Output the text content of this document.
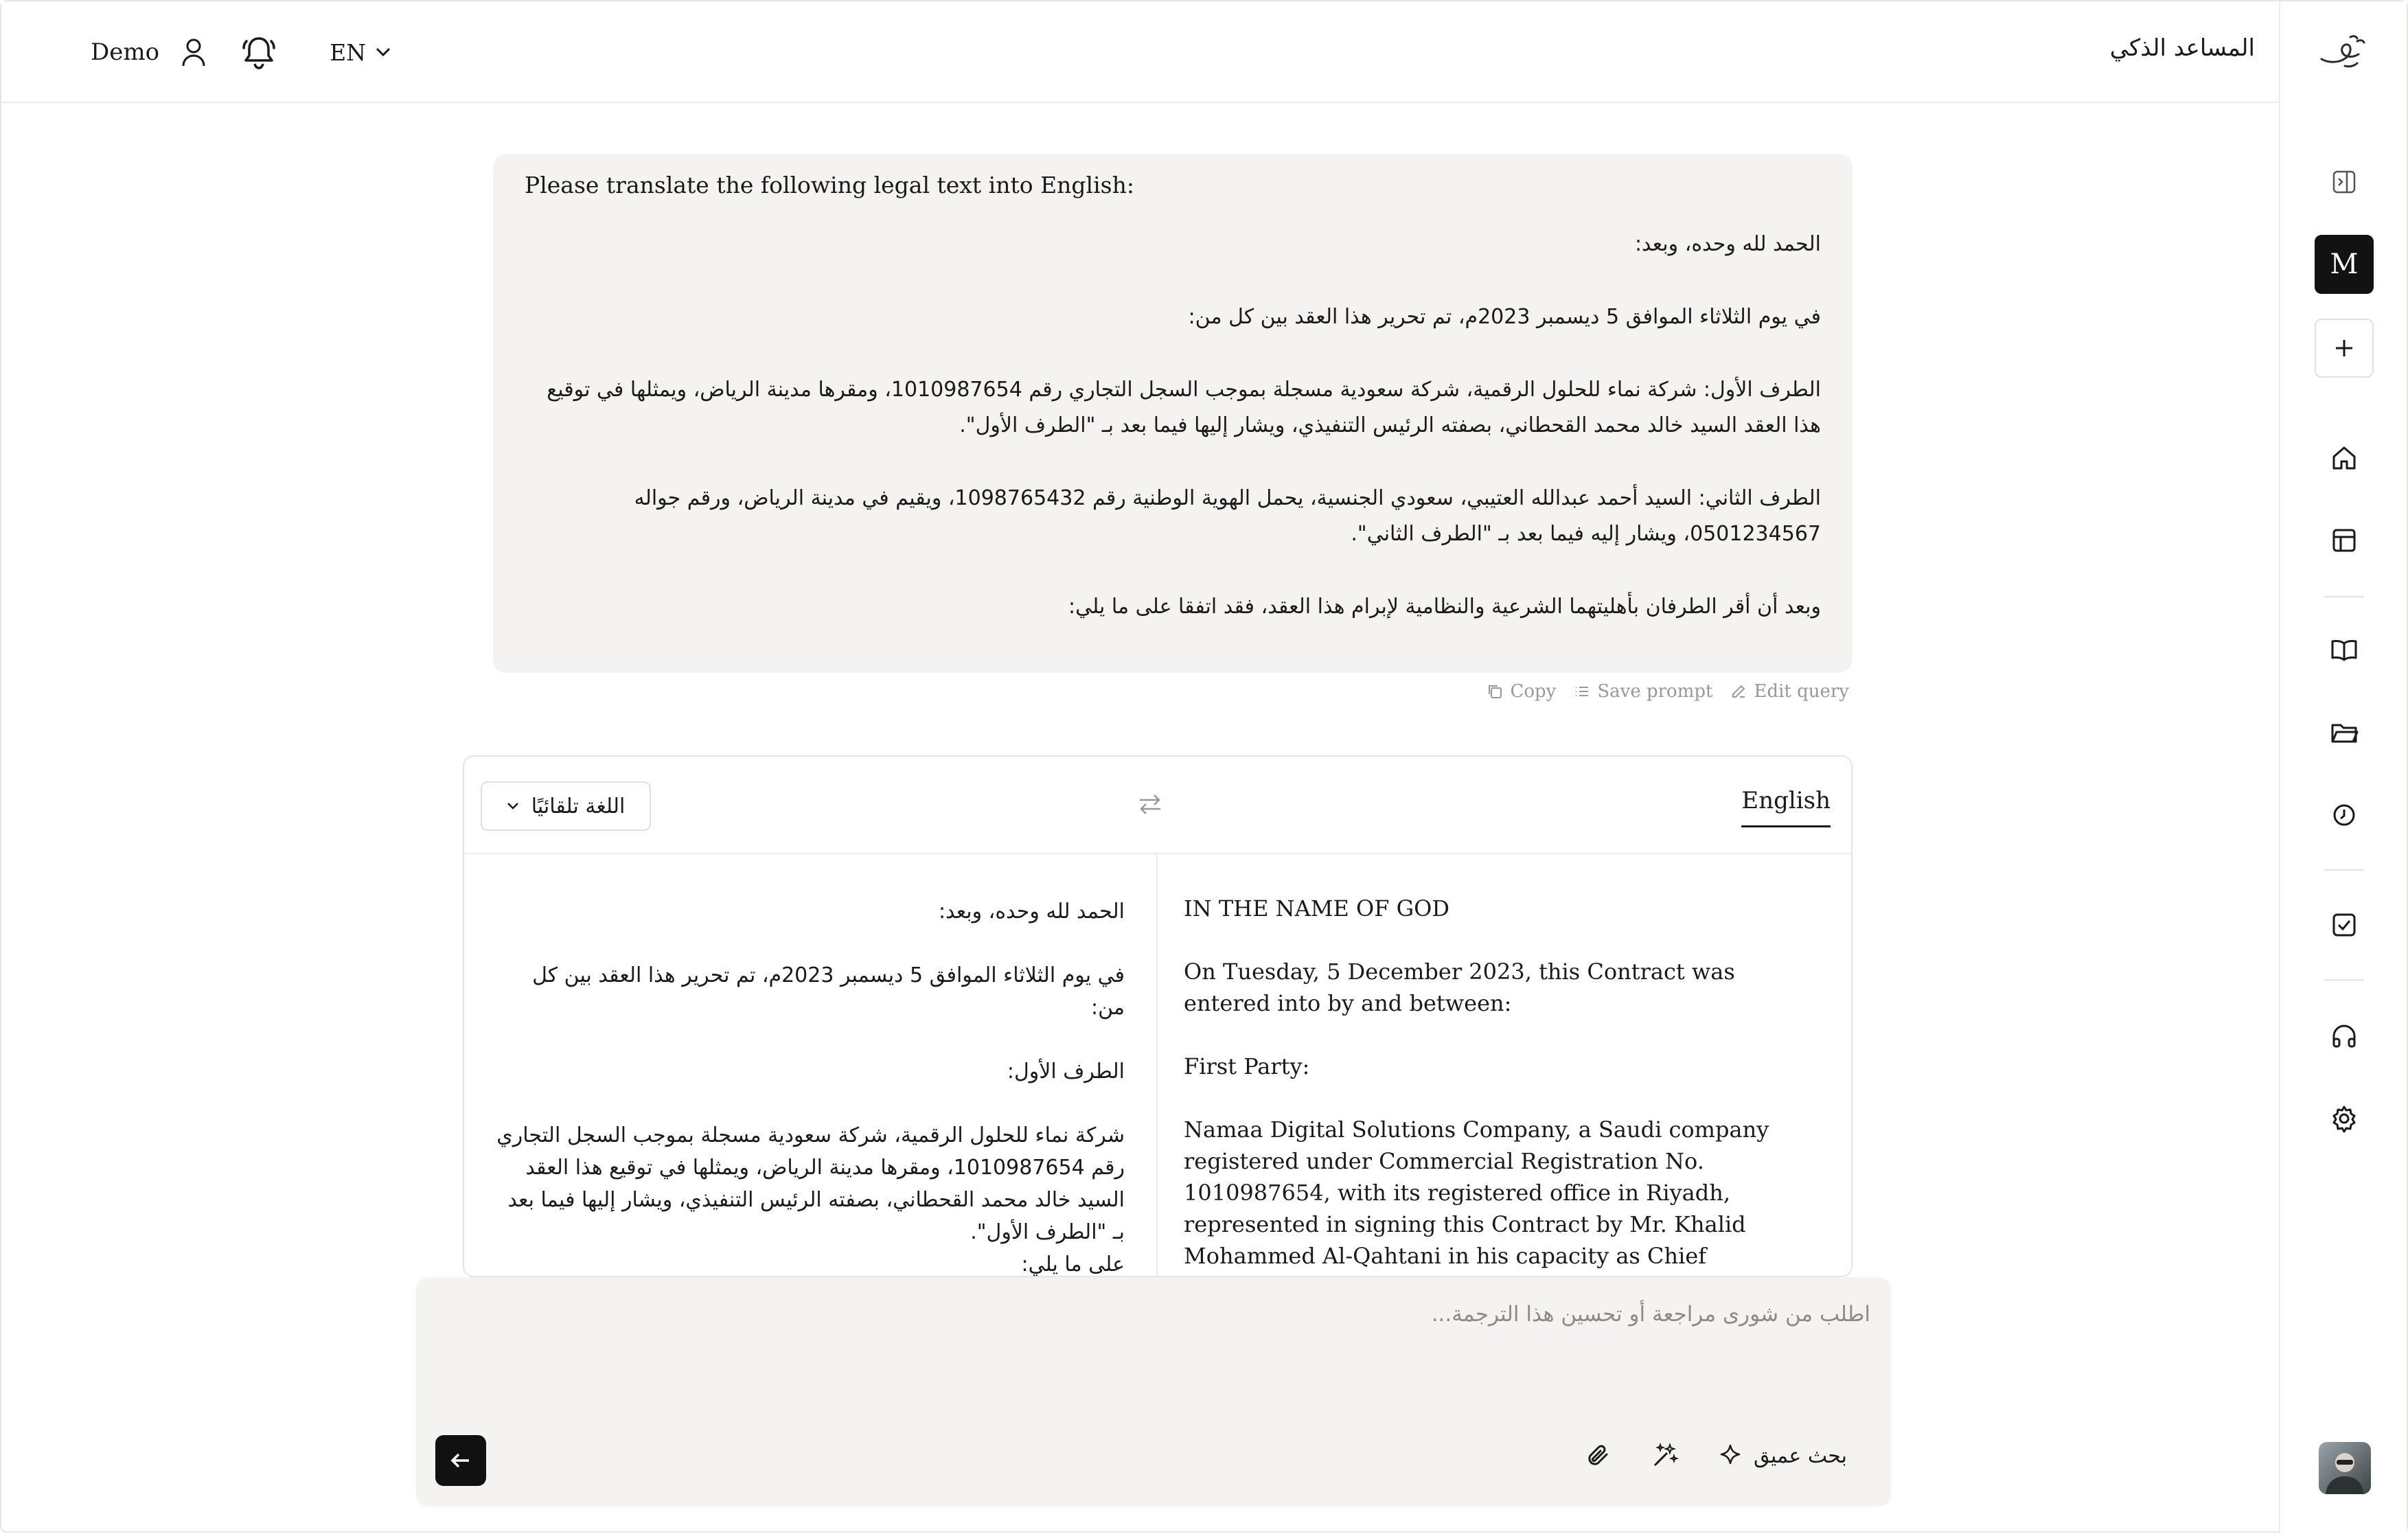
Demo	EN	المساعد الذكي
M
Please translate the following legal text into English:

الحمد لله وحده، وبعد:

في يوم الثلاثاء الموافق 5 ديسمبر 2023م، تم تحرير هذا العقد بين كل من:

الطرف الأول: شركة نماء للحلول الرقمية، شركة سعودية مسجلة بموجب السجل التجاري رقم 1010987654، ومقرها مدينة الرياض، ويمثلها في توقيع هذا العقد السيد خالد محمد القحطاني، بصفته الرئيس التنفيذي، ويشار إليها فيما بعد بـ "الطرف الأول".

الطرف الثاني: السيد أحمد عبدالله العتيبي، سعودي الجنسية، يحمل الهوية الوطنية رقم 1098765432، ويقيم في مدينة الرياض، ورقم جواله 0501234567، ويشار إليه فيما بعد بـ "الطرف الثاني".

وبعد أن أقر الطرفان بأهليتهما الشرعية والنظامية لإبرام هذا العقد، فقد اتفقا على ما يلي:

Copy Save prompt Edit query
اللغة تلقائيًا	English

الحمد لله وحده، وبعد:

في يوم الثلاثاء الموافق 5 ديسمبر 2023م، تم تحرير هذا العقد بين كل من:

الطرف الأول:

شركة نماء للحلول الرقمية، شركة سعودية مسجلة بموجب السجل التجاري رقم 1010987654، ومقرها مدينة الرياض، ويمثلها في توقيع هذا العقد السيد خالد محمد القحطاني، بصفته الرئيس التنفيذي، ويشار إليها فيما بعد بـ "الطرف الأول".

على ما يلي:

IN THE NAME OF GOD

On Tuesday, 5 December 2023, this Contract was entered into by and between:

First Party:

Namaa Digital Solutions Company, a Saudi company registered under Commercial Registration No. 1010987654, with its registered office in Riyadh, represented in signing this Contract by Mr. Khalid Mohammed Al-Qahtani in his capacity as Chief

اطلب من شورى مراجعة أو تحسين هذا الترجمة...
بحث عميق
